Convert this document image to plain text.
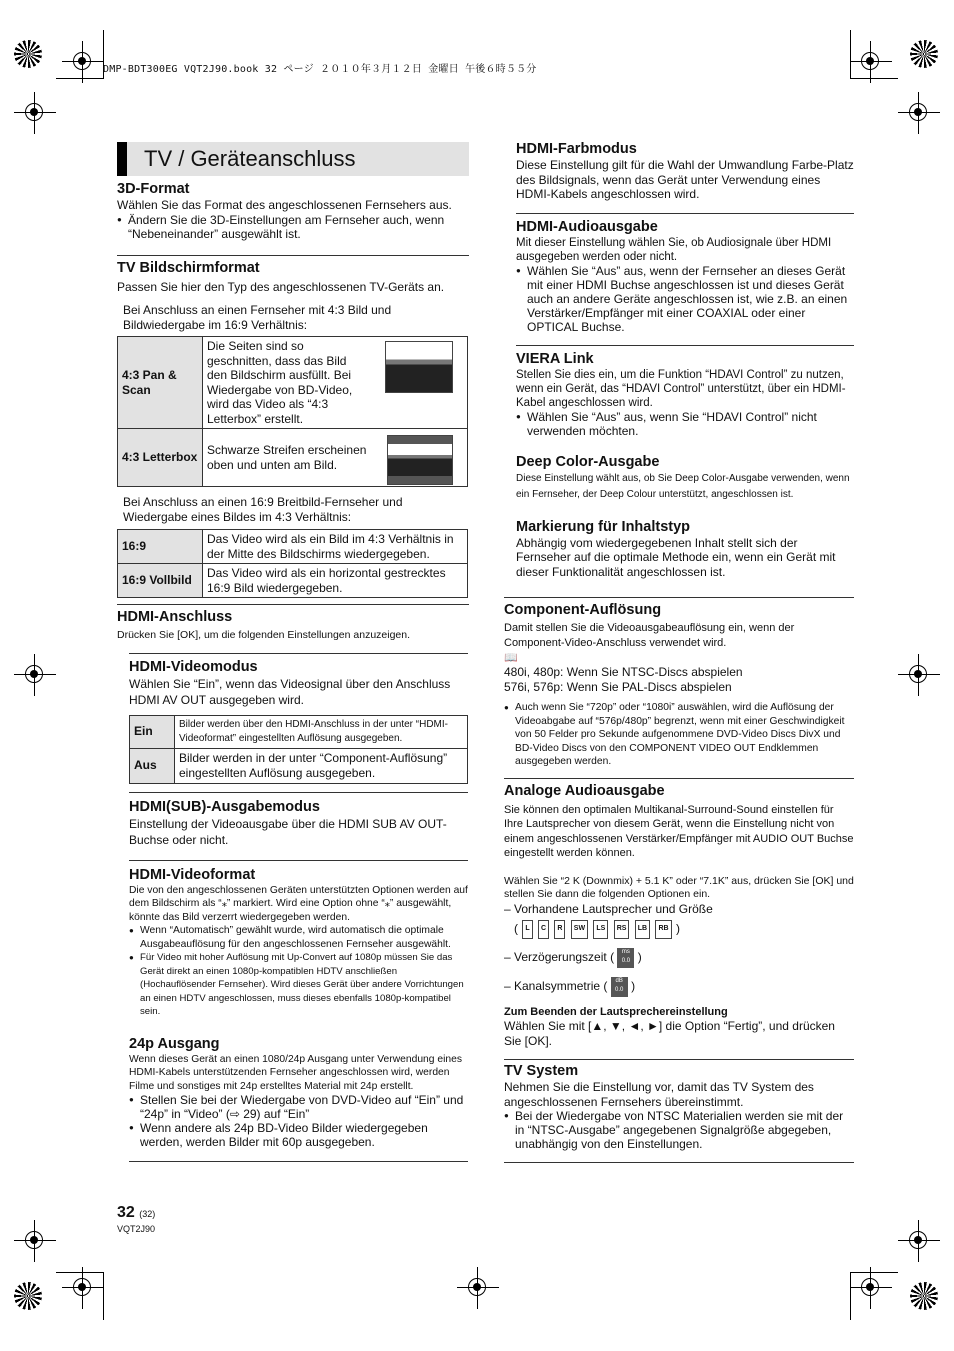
DMP-BDT300EG VQT2J90.book 32 ページ ２０１０年３月１２日 金曜日 午後６時５５分
TV / Geräteanschluss

3D-Format

Wählen Sie das Format des angeschlossenen Fernsehers aus.

● Ändern Sie die 3D-Einstellungen am Fernseher auch, wenn “Nebeneinander” ausgewählt ist.

TV Bildschirmformat

Passen Sie hier den Typ des angeschlossenen TV-Geräts an.

Bei Anschluss an einen Fernseher mit 4:3 Bild und Bildwiedergabe im 16:9 Verhältnis:

4:3 Pan & Scan	Die Seiten sind so geschnitten, dass das Bild den Bildschirm ausfüllt. Bei Wiedergabe von BD-Video, wird das Video als “4:3 Letterbox” erstellt.

4:3 Letterbox	Schwarze Streifen erscheinen oben und unten am Bild.

Bei Anschluss an einen 16:9 Breitbild-Fernseher und Wiedergabe eines Bildes im 4:3 Verhältnis:

16:9	Das Video wird als ein Bild im 4:3 Verhältnis in der Mitte des Bildschirms wiedergegeben.
16:9 Vollbild	Das Video wird als ein horizontal gestrecktes 16:9 Bild wiedergegeben.

HDMI-Anschluss

Drücken Sie [OK], um die folgenden Einstellungen anzuzeigen.

HDMI-Videomodus

Wählen Sie “Ein”, wenn das Videosignal über den Anschluss HDMI AV OUT ausgegeben wird.

Ein	Bilder werden über den HDMI-Anschluss in der unter “HDMI-Videoformat” eingestellten Auflösung ausgegeben.
Aus	Bilder werden in der unter “Component-Auflösung” eingestellten Auflösung ausgegeben.

HDMI(SUB)-Ausgabemodus

Einstellung der Videoausgabe über die HDMI SUB AV OUT-Buchse oder nicht.

HDMI-Videoformat

Die von den angeschlossenen Geräten unterstützten Optionen werden auf dem Bildschirm als “⁎” markiert. Wird eine Option ohne “⁎” ausgewählt, könnte das Bild verzerrt wiedergegeben werden.

● Wenn “Automatisch” gewählt wurde, wird automatisch die optimale Ausgabeauflösung für den angeschlossenen Fernseher ausgewählt.

● Für Video mit hoher Auflösung mit Up-Convert auf 1080p müssen Sie das Gerät direkt an einen 1080p-kompatiblen HDTV anschließen (Hochauflösender Fernseher). Wird dieses Gerät über andere Vorrichtungen an einen HDTV angeschlossen, muss dieses ebenfalls 1080p-kompatibel sein.

24p Ausgang

Wenn dieses Gerät an einen 1080/24p Ausgang unter Verwendung eines HDMI-Kabels unterstützenden Fernseher angeschlossen wird, werden Filme und sonstiges mit 24p erstelltes Material mit 24p erstellt.

● Stellen Sie bei der Wiedergabe von DVD-Video auf “Ein” und “24p” in “Video” (⇨ 29) auf “Ein”

● Wenn andere als 24p BD-Video Bilder wiedergegeben werden, werden Bilder mit 60p ausgegeben.

HDMI-Farbmodus

Diese Einstellung gilt für die Wahl der Umwandlung Farbe-Platz des Bildsignals, wenn das Gerät unter Verwendung eines HDMI-Kabels angeschlossen wird.

HDMI-Audioausgabe

Mit dieser Einstellung wählen Sie, ob Audiosignale über HDMI ausgegeben werden oder nicht.

● Wählen Sie “Aus” aus, wenn der Fernseher an dieses Gerät mit einer HDMI Buchse angeschlossen ist und dieses Gerät auch an andere Geräte angeschlossen ist, wie z.B. an einen Verstärker/Empfänger mit einer COAXIAL oder einer OPTICAL Buchse.

VIERA Link

Stellen Sie dies ein, um die Funktion “HDAVI Control” zu nutzen, wenn ein Gerät, das “HDAVI Control” unterstützt, über ein HDMI-Kabel angeschlossen wird.

● Wählen Sie “Aus” aus, wenn Sie “HDAVI Control” nicht verwenden möchten.

Deep Color-Ausgabe

Diese Einstellung wählt aus, ob Sie Deep Color-Ausgabe verwenden, wenn ein Fernseher, der Deep Colour unterstützt, angeschlossen ist.

Markierung für Inhaltstyp

Abhängig vom wiedergegebenen Inhalt stellt sich der Fernseher auf die optimale Methode ein, wenn ein Gerät mit dieser Funktionalität angeschlossen ist.

Component-Auflösung

Damit stellen Sie die Videoausgabeauflösung ein, wenn der Component-Video-Anschluss verwendet wird.

📖

480i, 480p: Wenn Sie NTSC-Discs abspielen

576i, 576p: Wenn Sie PAL-Discs abspielen

● Auch wenn Sie “720p” oder “1080i” auswählen, wird die Auflösung der Videoabgabe auf “576p/480p” begrenzt, wenn mit einer Geschwindigkeit von 50 Felder pro Sekunde aufgenommene DVD-Video Discs DivX und BD-Video Discs von den COMPONENT VIDEO OUT Endklemmen ausgegeben werden.

Analoge Audioausgabe

Sie können den optimalen Multikanal-Surround-Sound einstellen für Ihre Lautsprecher von diesem Gerät, wenn die Einstellung nicht von einem angeschlossenen Verstärker/Empfänger mit AUDIO OUT Buchse eingestellt werden können.

Wählen Sie “2 K (Downmix) + 5.1 K” oder “7.1K” aus, drücken Sie [OK] und stellen Sie dann die folgenden Optionen ein.

– Vorhandene Lautsprecher und Größe

( L C R SW LS RS LB RB )

– Verzögerungszeit ( ms
0.0 )

– Kanalsymmetrie ( dB
0.0 )

Zum Beenden der Lautsprechereinstellung

Wählen Sie mit [▲, ▼, ◄, ►] die Option “Fertig”, und drücken Sie [OK].

TV System

Nehmen Sie die Einstellung vor, damit das TV System des angeschlossenen Fernsehers übereinstimmt.

● Bei der Wiedergabe von NTSC Materialien werden sie mit der in “NTSC-Ausgabe” angegebenen Signalgröße abgegeben, unabhängig von den Einstellungen.

32 (32)
VQT2J90
